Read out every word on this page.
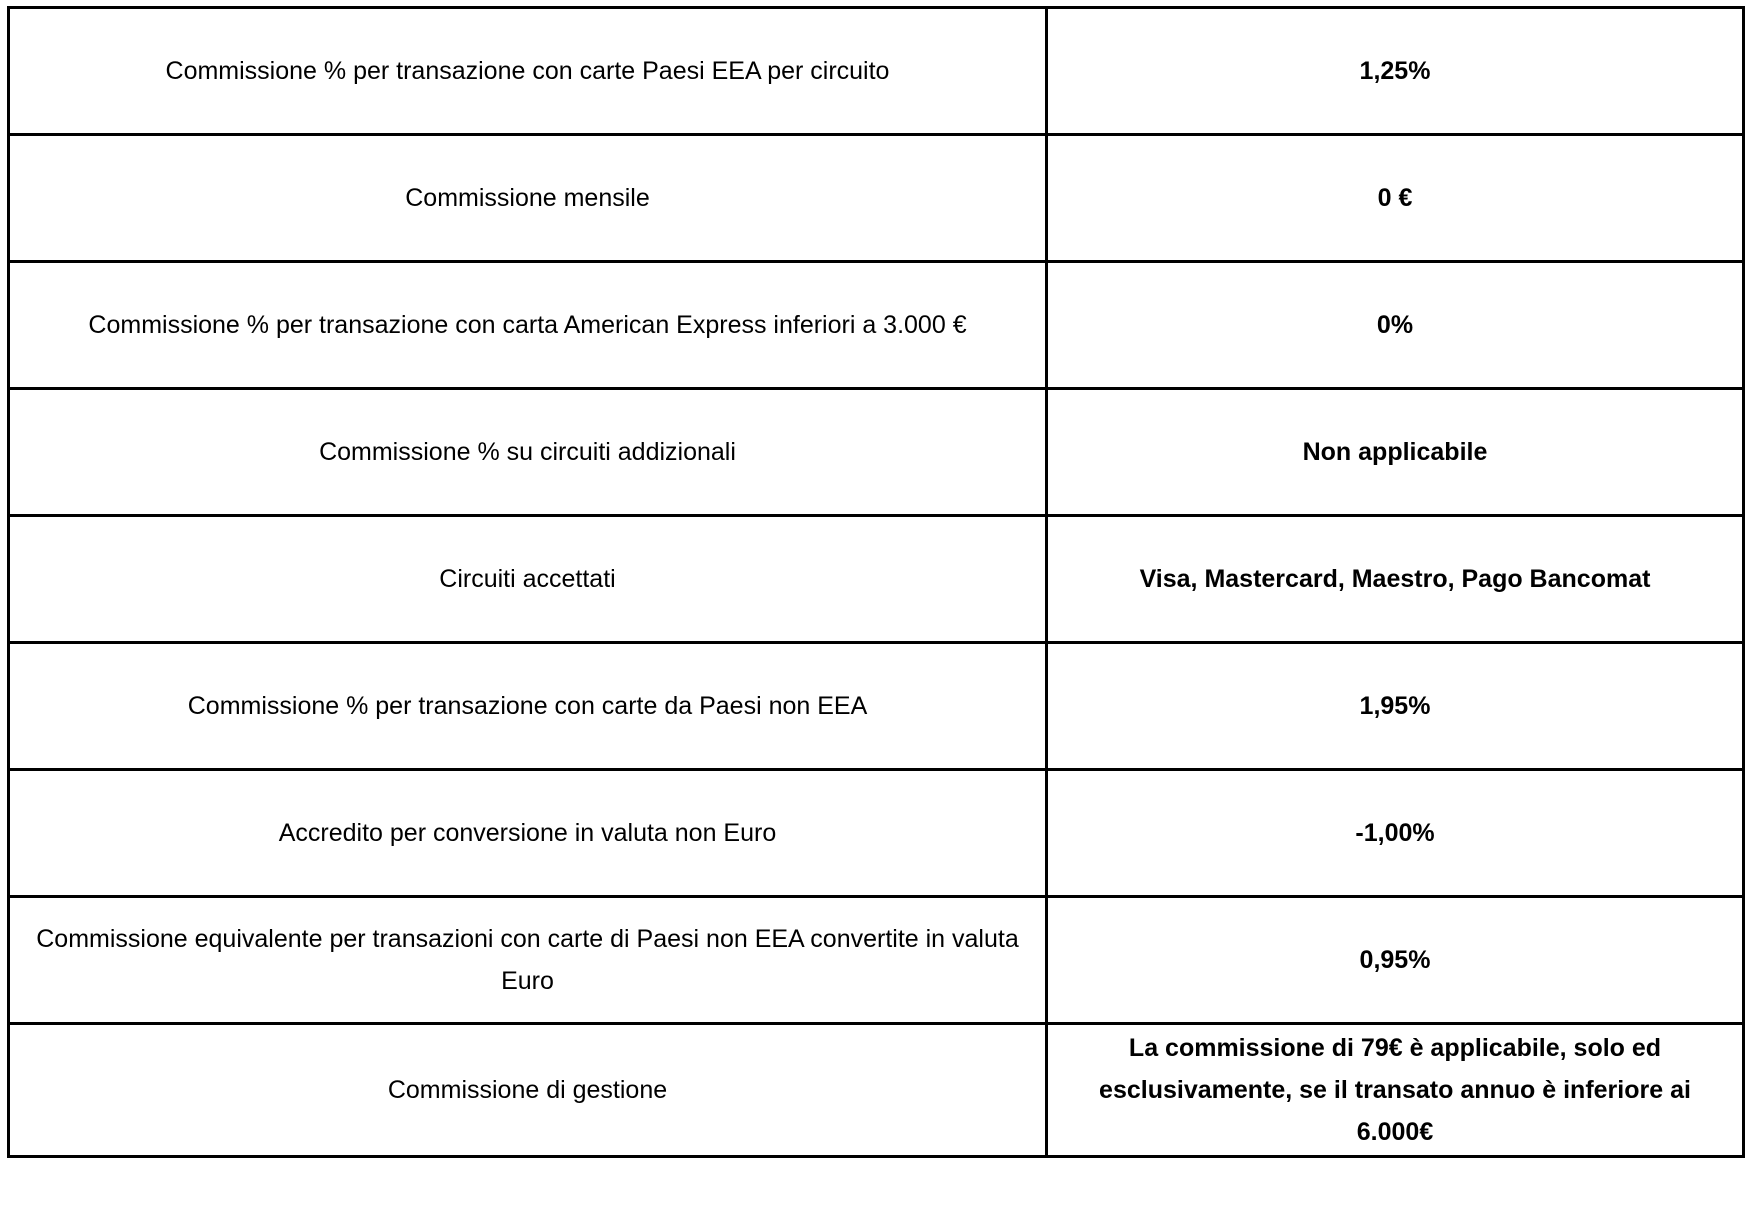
Commissione % per transazione con carte Paesi EEA per circuito	1,25%
Commissione mensile	0 €
Commissione % per transazione con carta American Express inferiori a 3.000 €	0%
Commissione % su circuiti addizionali	Non applicabile
Circuiti accettati	Visa, Mastercard, Maestro, Pago Bancomat
Commissione % per transazione con carte da Paesi non EEA	1,95%
Accredito per conversione in valuta non Euro	-1,00%
Commissione equivalente per transazioni con carte di Paesi non EEA convertite in valuta Euro	0,95%
Commissione di gestione	La commissione di 79€ è applicabile, solo ed esclusivamente, se il transato annuo è inferiore ai 6.000€
